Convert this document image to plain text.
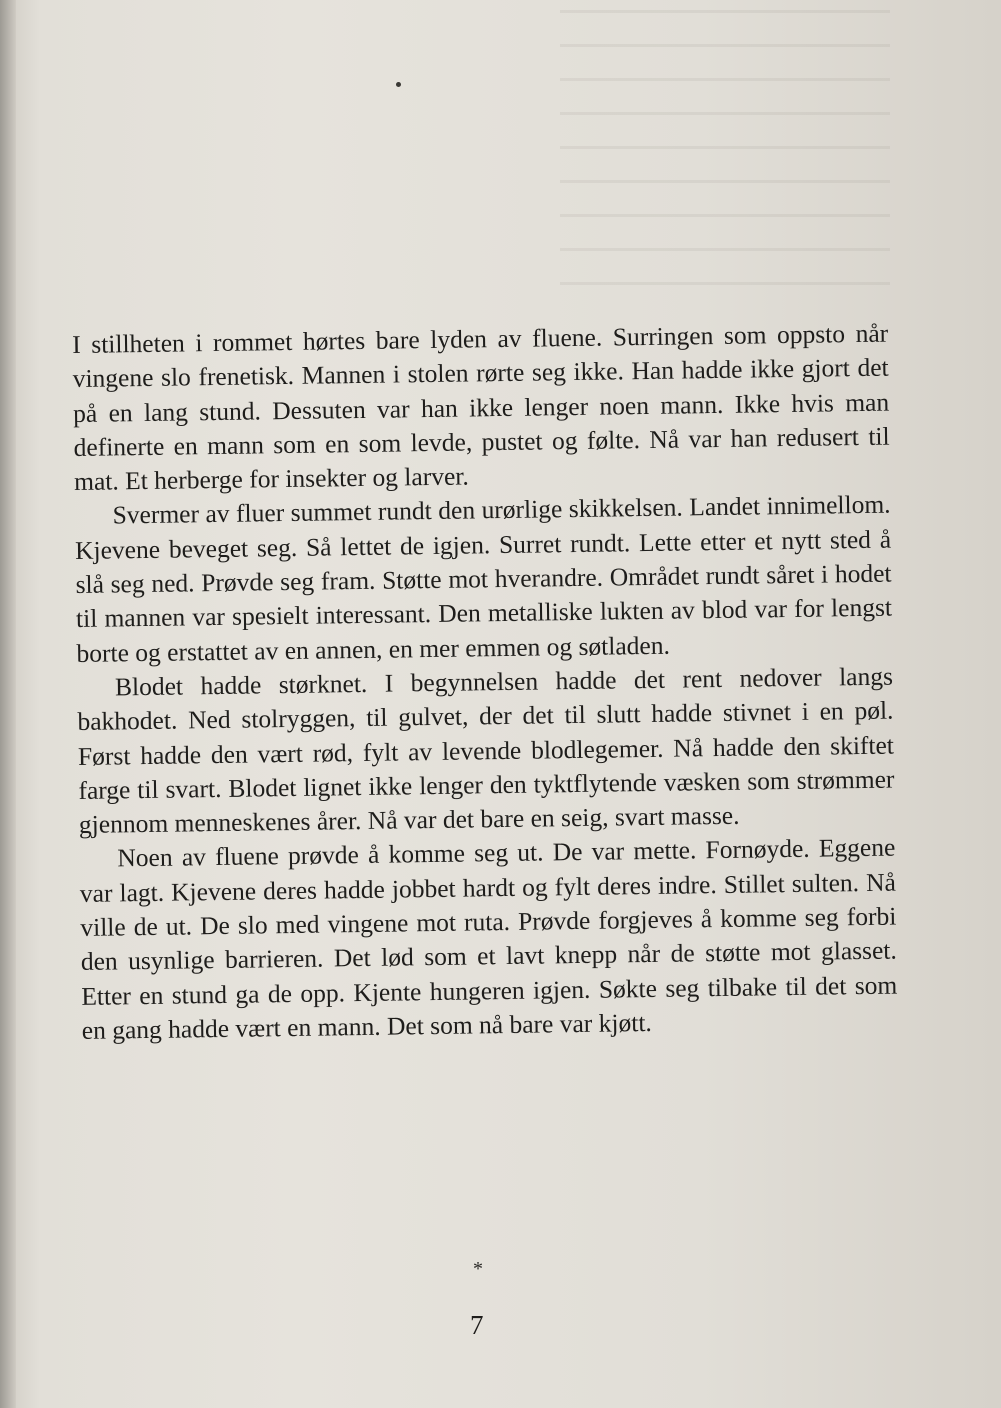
I stillheten i rommet hørtes bare lyden av fluene. Surringen som oppsto når vingene slo frenetisk. Mannen i stolen rørte seg ikke. Han hadde ikke gjort det på en lang stund. Dessuten var han ikke lenger noen mann. Ikke hvis man definerte en mann som en som levde, pustet og følte. Nå var han redusert til mat. Et herberge for insekter og larver.

Svermer av fluer summet rundt den urørlige skikkelsen. Landet innimellom. Kjevene beveget seg. Så lettet de igjen. Surret rundt. Lette etter et nytt sted å slå seg ned. Prøvde seg fram. Støtte mot hverandre. Området rundt såret i hodet til mannen var spesielt interessant. Den metalliske lukten av blod var for lengst borte og erstattet av en annen, en mer emmen og søtladen.

Blodet hadde størknet. I begynnelsen hadde det rent nedover langs bakhodet. Ned stolryggen, til gulvet, der det til slutt hadde stivnet i en pøl. Først hadde den vært rød, fylt av levende blodlegemer. Nå hadde den skiftet farge til svart. Blodet lignet ikke lenger den tyktflytende væsken som strømmer gjennom menneskenes årer. Nå var det bare en seig, svart masse.

Noen av fluene prøvde å komme seg ut. De var mette. Fornøyde. Eggene var lagt. Kjevene deres hadde jobbet hardt og fylt deres indre. Stillet sulten. Nå ville de ut. De slo med vingene mot ruta. Prøvde forgjeves å komme seg forbi den usynlige barrieren. Det lød som et lavt knepp når de støtte mot glasset. Etter en stund ga de opp. Kjente hungeren igjen. Søkte seg tilbake til det som en gang hadde vært en mann. Det som nå bare var kjøtt.

*
7
